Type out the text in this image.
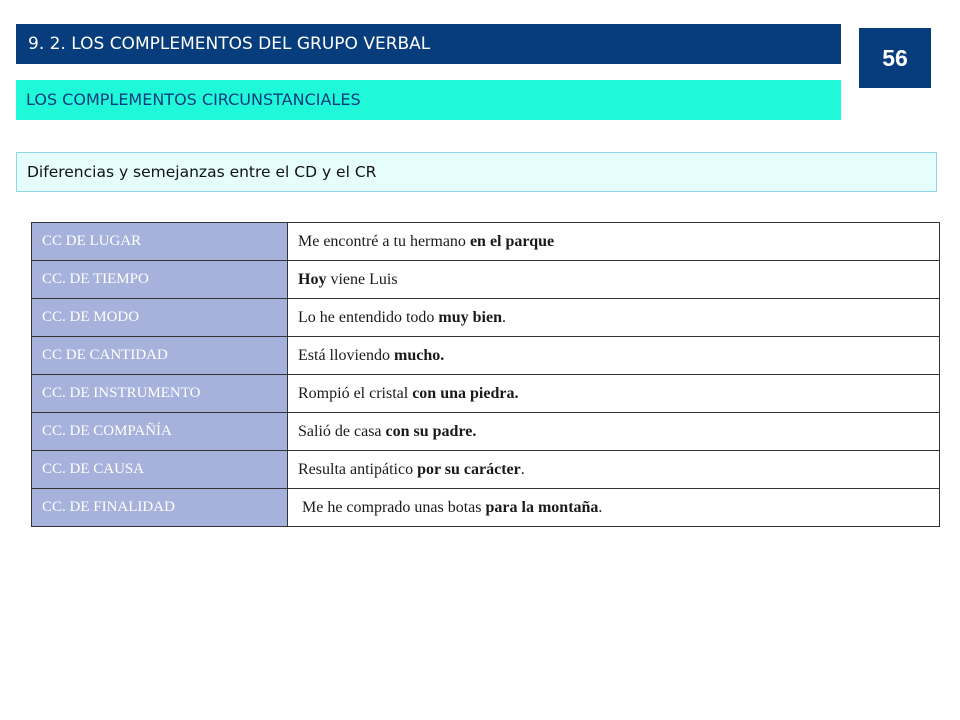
9. 2. LOS COMPLEMENTOS DEL GRUPO VERBAL
56
LOS COMPLEMENTOS CIRCUNSTANCIALES
Diferencias y semejanzas entre el CD y el CR
CC DE LUGAR	Me encontré a tu hermano en el parque
CC. DE TIEMPO	Hoy viene Luis
CC. DE MODO	Lo he entendido todo muy bien.
CC DE CANTIDAD	Está lloviendo mucho.
CC. DE INSTRUMENTO	Rompió el cristal con una piedra.
CC. DE COMPAÑÍA	Salió de casa con su padre.
CC. DE CAUSA	Resulta antipático por su carácter.
CC. DE FINALIDAD	Me he comprado unas botas para la montaña.
